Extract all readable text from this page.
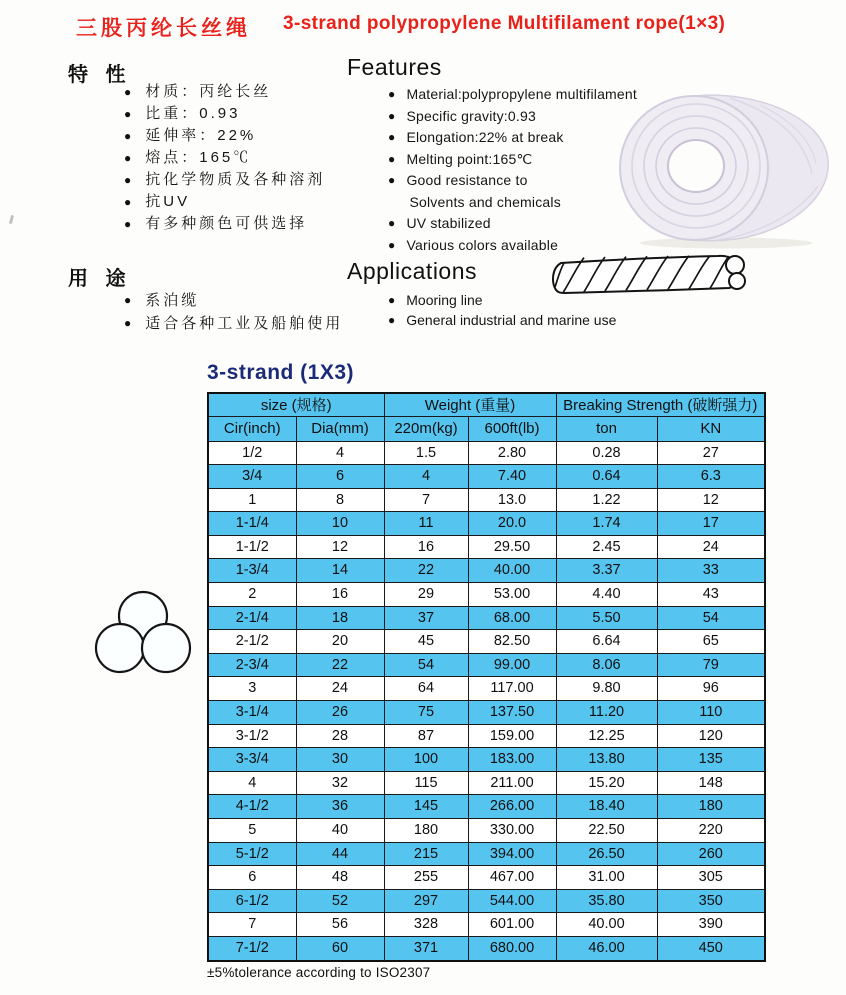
三股丙纶长丝绳 3-strand polypropylene Multifilament rope(1×3)
特 性	Features
● 材质：丙纶长丝
● 比重：0.93
● 延伸率：22%
● 熔点：165℃
● 抗化学物质及各种溶剂
● 抗UV
● 有多种颜色可供选择
● Material:polypropylene multifilament
● Specific gravity:0.93
● Elongation:22% at break
● Melting point:165℃
● Good resistance to
Solvents and chemicals
● UV stabilized
● Various colors available
用 途	Applications
● 系泊缆
● 适合各种工业及船舶使用
● Mooring line
● General industrial and marine use
3-strand (1X3)
size (规格)		Weight (重量)		Breaking Strength (破断强力)	
Cir(inch)	Dia(mm)	220m(kg)	600ft(lb)	ton	KN
1/2	4	1.5	2.80	0.28	27
3/4	6	4	7.40	0.64	6.3
1	8	7	13.0	1.22	12
1-1/4	10	11	20.0	1.74	17
1-1/2	12	16	29.50	2.45	24
1-3/4	14	22	40.00	3.37	33
2	16	29	53.00	4.40	43
2-1/4	18	37	68.00	5.50	54
2-1/2	20	45	82.50	6.64	65
2-3/4	22	54	99.00	8.06	79
3	24	64	117.00	9.80	96
3-1/4	26	75	137.50	11.20	110
3-1/2	28	87	159.00	12.25	120
3-3/4	30	100	183.00	13.80	135
4	32	115	211.00	15.20	148
4-1/2	36	145	266.00	18.40	180
5	40	180	330.00	22.50	220
5-1/2	44	215	394.00	26.50	260
6	48	255	467.00	31.00	305
6-1/2	52	297	544.00	35.80	350
7	56	328	601.00	40.00	390
7-1/2	60	371	680.00	46.00	450
±5%tolerance according to ISO2307
